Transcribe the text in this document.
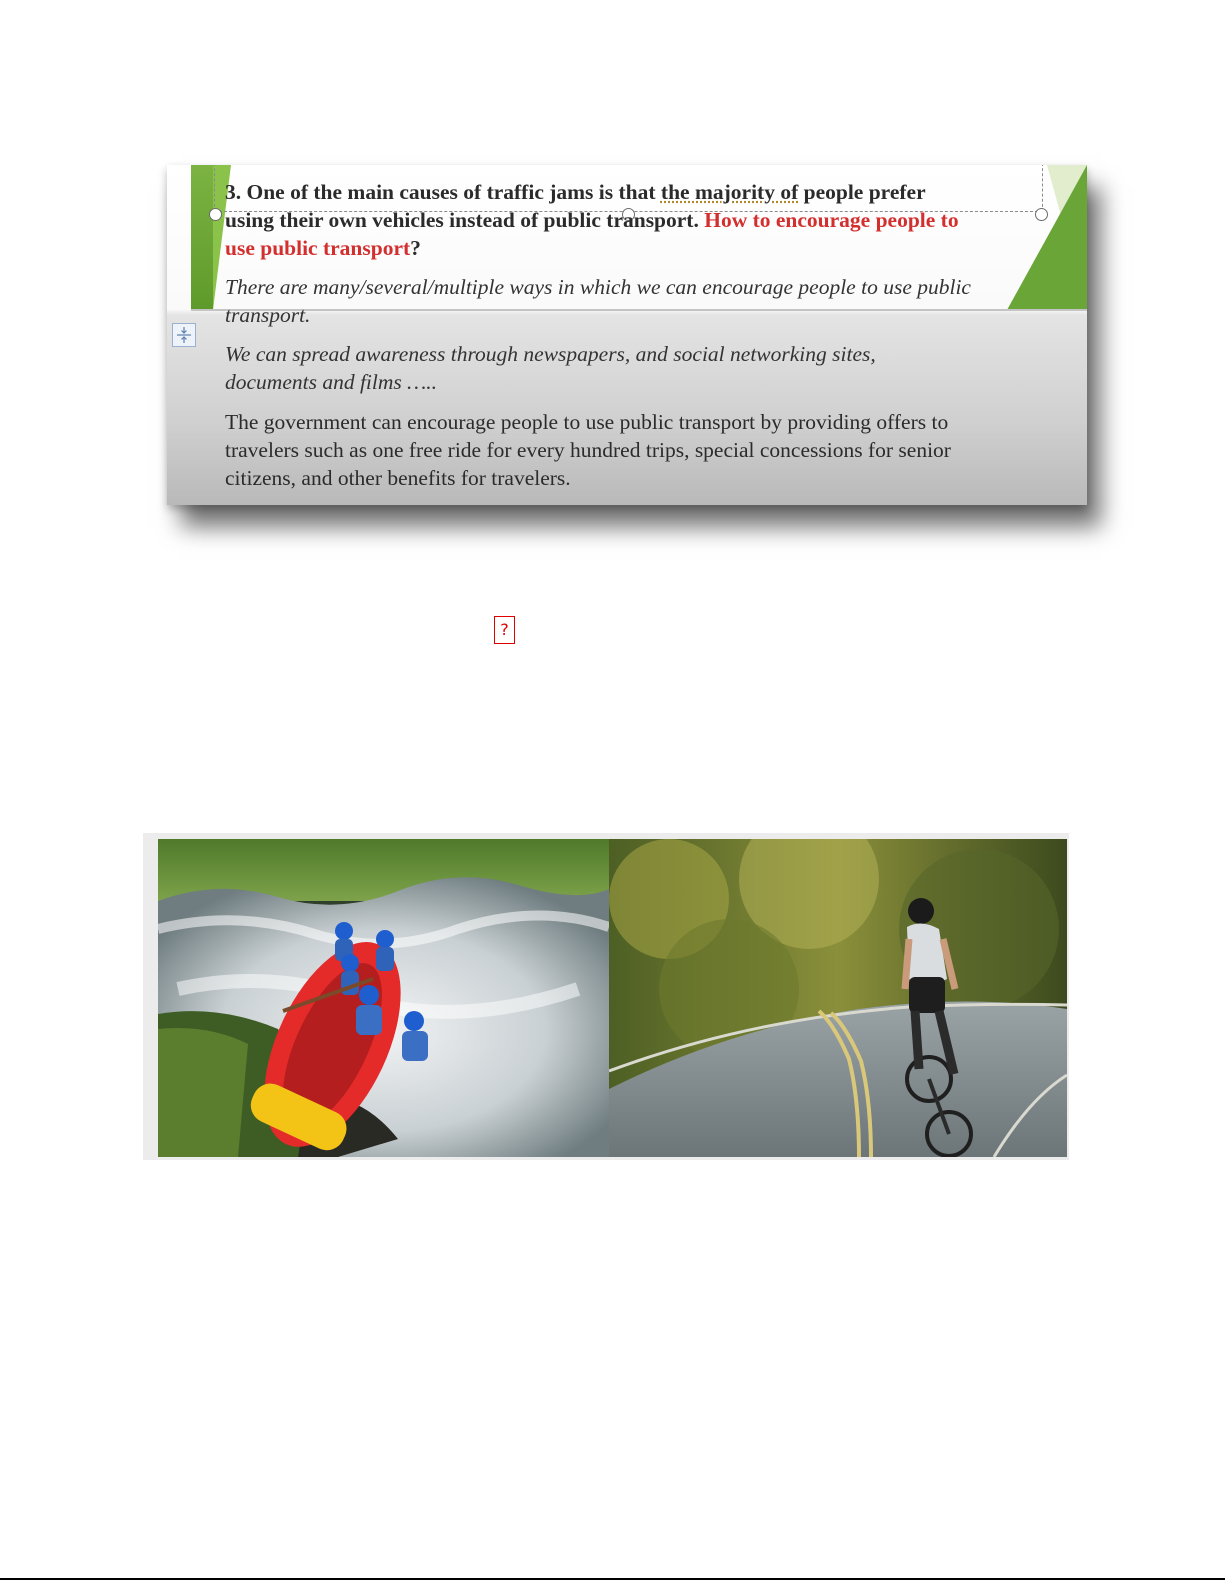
3. One of the main causes of traffic jams is that the majority of people prefer
using their own vehicles instead of public transport. How to encourage people to
use public transport?
There are many/several/multiple ways in which we can encourage people to use public
transport.
We can spread awareness through newspapers, and social networking sites,
documents and films …..
The government can encourage people to use public transport by providing offers to
travelers such as one free ride for every hundred trips, special concessions for senior
citizens, and other benefits for travelers.
?
